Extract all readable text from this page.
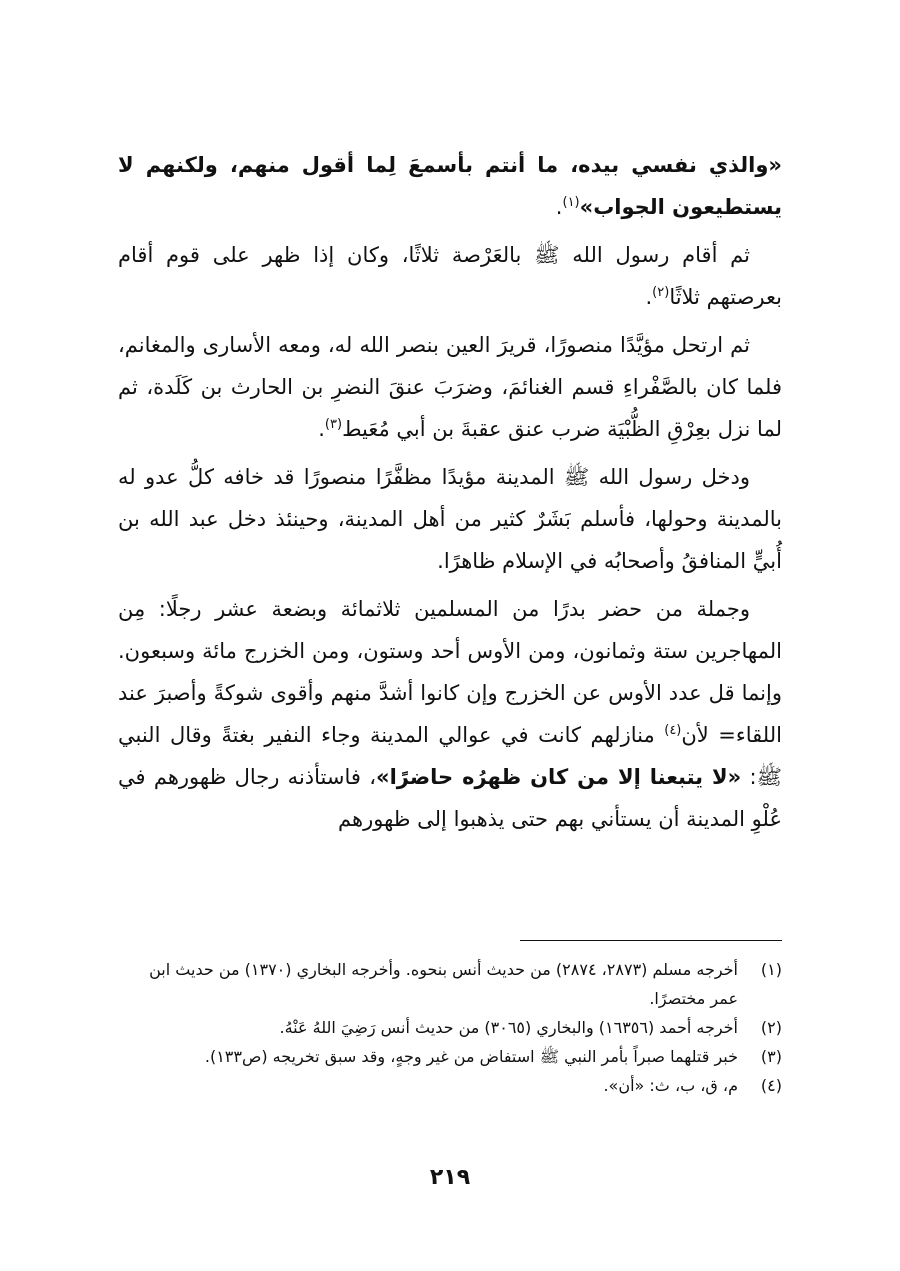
«والذي نفسي بيده، ما أنتم بأسمعَ لِما أقول منهم، ولكنهم لا يستطيعون الجواب»$^{(١)}$.

ثم أقام رسول الله ﷺ بالعَرْصة ثلاثًا، وكان إذا ظهر على قوم أقام بعرصتهم ثلاثًا$^{(٢)}$.

ثم ارتحل مؤيَّدًا منصورًا، قريرَ العين بنصر الله له، ومعه الأسارى والمغانم، فلما كان بالصَّفْراءِ قسم الغنائمَ، وضرَبَ عنقَ النضرِ بن الحارث بن كَلَدة، ثم لما نزل بعِرْقِ الظُّبْيَة ضرب عنق عقبةَ بن أبي مُعَيط$^{(٣)}$.

ودخل رسول الله ﷺ المدينة مؤيدًا مظفَّرًا منصورًا قد خافه كلُّ عدو له بالمدينة وحولها، فأسلم بَشَرٌ كثير من أهل المدينة، وحينئذ دخل عبد الله بن أُبيٍّ المنافقُ وأصحابُه في الإسلام ظاهرًا.

وجملة من حضر بدرًا من المسلمين ثلاثمائة وبضعة عشر رجلًا: مِن المهاجرين ستة وثمانون، ومن الأوس أحد وستون، ومن الخزرج مائة وسبعون. وإنما قل عدد الأوس عن الخزرج وإن كانوا أشدَّ منهم وأقوى شوكةً وأصبرَ عند اللقاء= لأن$^{(٤)}$ منازلهم كانت في عوالي المدينة وجاء النفير بغتةً وقال النبي ﷺ: «لا يتبعنا إلا من كان ظهرُه حاضرًا»، فاستأذنه رجال ظهورهم في عُلْوِ المدينة أن يستأني بهم حتى يذهبوا إلى ظهورهم

(١)
أخرجه مسلم (٢٨٧٣، ٢٨٧٤) من حديث أنس بنحوه. وأخرجه البخاري (١٣٧٠) من حديث ابن عمر مختصرًا.
(٢)
أخرجه أحمد (١٦٣٥٦) والبخاري (٣٠٦٥) من حديث أنس رَضِيَ اللهُ عَنْهُ.
(٣)
خبر قتلهما صبراً بأمر النبي ﷺ استفاض من غير وجهٍ، وقد سبق تخريجه (ص١٣٣).
(٤)
م، ق، ب، ث: «أن».
٢١٩
